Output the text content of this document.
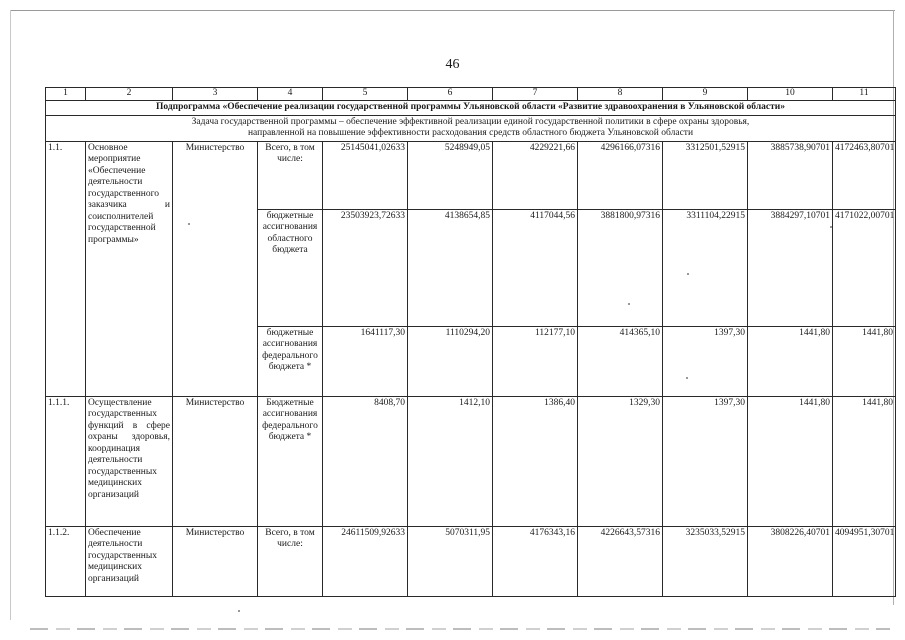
46
1	2	3	4	5	6	7	8	9	10	11
Подпрограмма «Обеспечение реализации государственной программы Ульяновской области «Развитие здравоохранения в Ульяновской области»										

Задача государственной программы – обеспечение эффективной реализации единой государственной политики в сфере охраны здоровья,
направленной на повышение эффективности расходования средств областного бюджета Ульяновской области										

1.1.	Основное мероприятие «Обеспечение деятельности государственного заказчика и соисполнителей государственной программы»	Министерство	Всего, в том числе:	25145041,02633	5248949,05	4229221,66	4296166,07316	3312501,52915	3885738,90701	4172463,80701
			бюджетные ассигнования областного бюджета	23503923,72633	4138654,85	4117044,56	3881800,97316	3311104,22915	3884297,10701	4171022,00701
			бюджетные ассигнования федерального бюджета *	1641117,30	1110294,20	112177,10	414365,10	1397,30	1441,80	1441,80
1.1.1.	Осуществление государственных функций в сфере охраны здоровья, координация деятельности государственных медицинских организаций	Министерство	Бюджетные ассигнования федерального бюджета *	8408,70	1412,10	1386,40	1329,30	1397,30	1441,80	1441,80
1.1.2.	Обеспечение деятельности государственных медицинских организаций	Министерство	Всего, в том числе:	24611509,92633	5070311,95	4176343,16	4226643,57316	3235033,52915	3808226,40701	4094951,30701
